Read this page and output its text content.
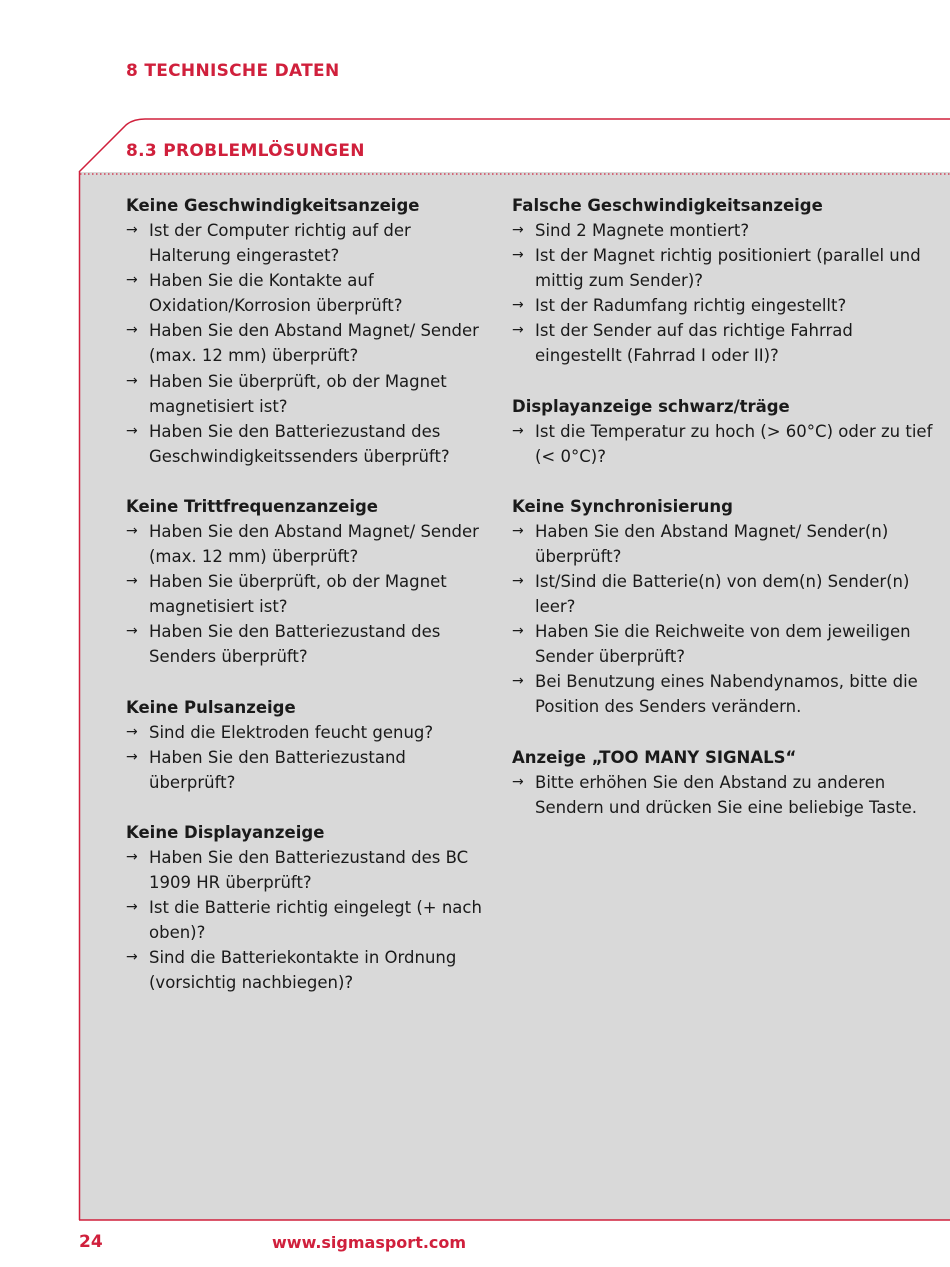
8 TECHNISCHE DATEN
8.3 PROBLEMLÖSUNGEN
Keine Geschwindigkeitsanzeige
→ Ist der Computer richtig auf der Halterung eingerastet?
→ Haben Sie die Kontakte auf Oxidation/Korrosion überprüft?
→ Haben Sie den Abstand Magnet/ Sender (max. 12 mm) überprüft?
→ Haben Sie überprüft, ob der Magnet magnetisiert ist?
→ Haben Sie den Batteriezustand des Geschwindigkeitssenders überprüft?
Keine Trittfrequenzanzeige
→ Haben Sie den Abstand Magnet/ Sender (max. 12 mm) überprüft?
→ Haben Sie überprüft, ob der Magnet magnetisiert ist?
→ Haben Sie den Batteriezustand des Senders überprüft?
Keine Pulsanzeige
→ Sind die Elektroden feucht genug?
→ Haben Sie den Batteriezustand überprüft?
Keine Displayanzeige
→ Haben Sie den Batteriezustand des BC 1909 HR überprüft?
→ Ist die Batterie richtig eingelegt (+ nach oben)?
→ Sind die Batteriekontakte in Ordnung (vorsichtig nachbiegen)?
Falsche Geschwindigkeitsanzeige
→ Sind 2 Magnete montiert?
→ Ist der Magnet richtig positioniert (parallel und mittig zum Sender)?
→ Ist der Radumfang richtig eingestellt?
→ Ist der Sender auf das richtige Fahrrad eingestellt (Fahrrad I oder II)?
Displayanzeige schwarz/träge
→ Ist die Temperatur zu hoch (> 60°C) oder zu tief (< 0°C)?
Keine Synchronisierung
→ Haben Sie den Abstand Magnet/ Sender(n) überprüft?
→ Ist/Sind die Batterie(n) von dem(n) Sender(n) leer?
→ Haben Sie die Reichweite von dem jeweiligen Sender überprüft?
→ Bei Benutzung eines Nabendynamos, bitte die Position des Senders verändern.
Anzeige „TOO MANY SIGNALS“
→ Bitte erhöhen Sie den Abstand zu anderen Sendern und drücken Sie eine beliebige Taste.
24	www.sigmasport.com
